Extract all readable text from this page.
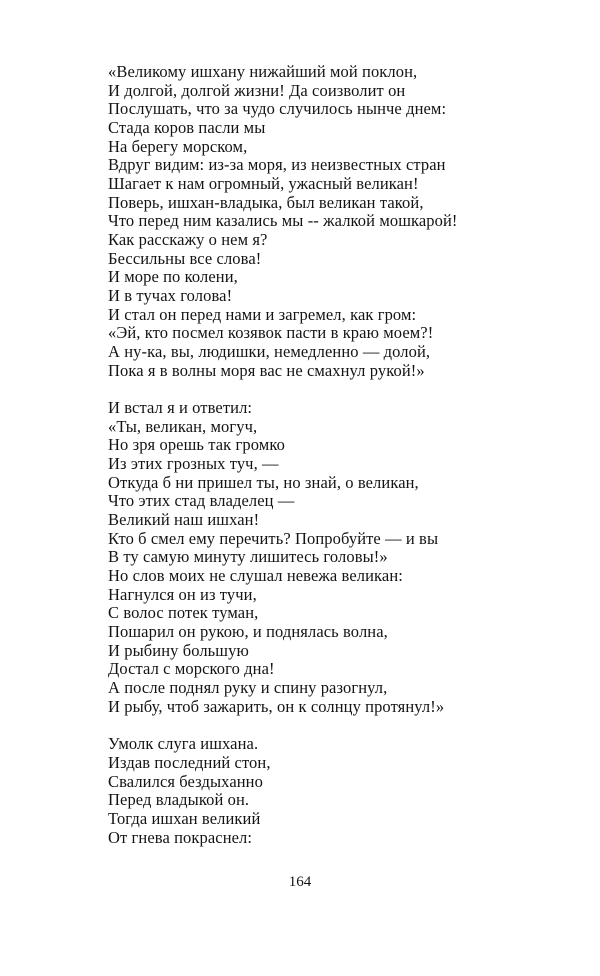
«Великому ишхану нижайший мой поклон,
И долгой, долгой жизни! Да соизволит он
Послушать, что за чудо случилось нынче днем:
Стада коров пасли мы
На берегу морском,
Вдруг видим: из-за моря, из неизвестных стран
Шагает к нам огромный, ужасный великан!
Поверь, ишхан-владыка, был великан такой,
Что перед ним казались мы -- жалкой мошкарой!
Как расскажу о нем я?
Бессильны все слова!
И море по колени,
И в тучах голова!
И стал он перед нами и загремел, как гром:
«Эй, кто посмел козявок пасти в краю моем?!
А ну-ка, вы, людишки, немедленно — долой,
Пока я в волны моря вас не смахнул рукой!»
И встал я и ответил:
«Ты, великан, могуч,
Но зря орешь так громко
Из этих грозных туч, —
Откуда б ни пришел ты, но знай, о великан,
Что этих стад владелец —
Великий наш ишхан!
Кто б смел ему перечить? Попробуйте — и вы
В ту самую минуту лишитесь головы!»
Но слов моих не слушал невежа великан:
Нагнулся он из тучи,
С волос потек туман,
Пошарил он рукою, и поднялась волна,
И рыбину большую
Достал с морского дна!
А после поднял руку и спину разогнул,
И рыбу, чтоб зажарить, он к солнцу протянул!»
Умолк слуга ишхана.
Издав последний стон,
Свалился бездыханно
Перед владыкой он.
Тогда ишхан великий
От гнева покраснел:
164
